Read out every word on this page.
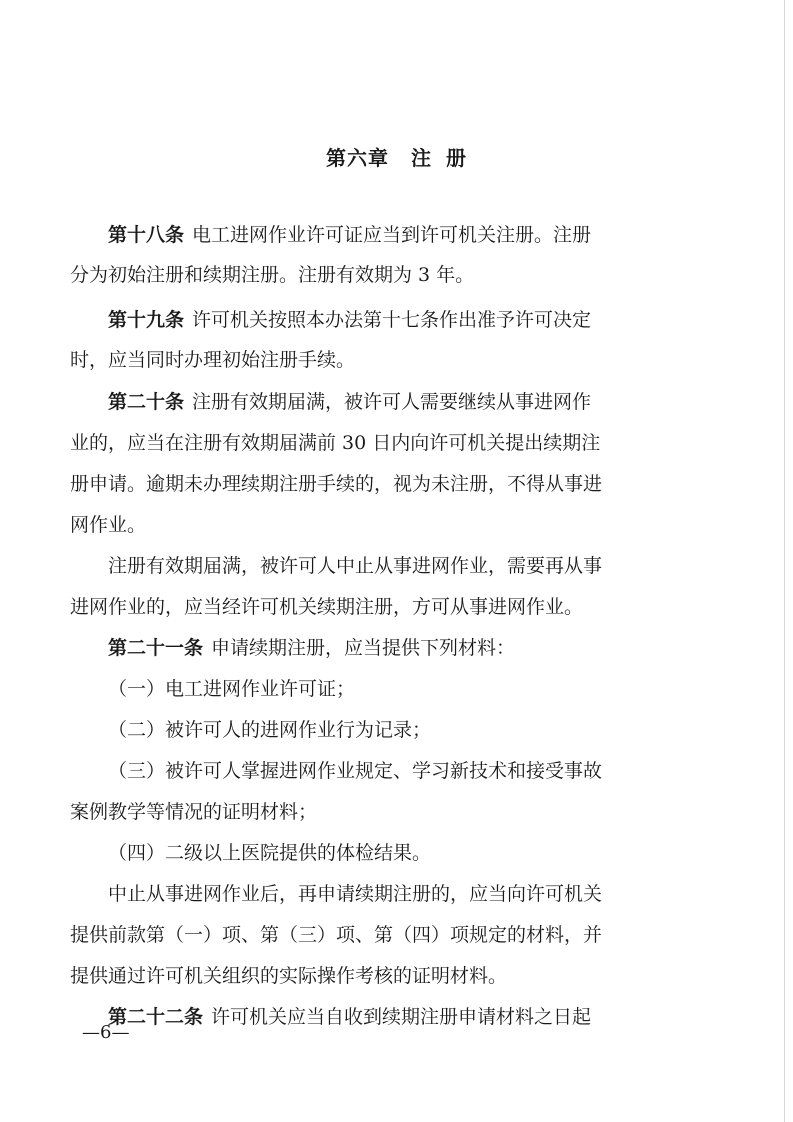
第六章 注 册
第十八条 电工进网作业许可证应当到许可机关注册。注册
分为初始注册和续期注册。注册有效期为 3 年。
第十九条 许可机关按照本办法第十七条作出准予许可决定
时，应当同时办理初始注册手续。
第二十条 注册有效期届满，被许可人需要继续从事进网作
业的，应当在注册有效期届满前 30 日内向许可机关提出续期注
册申请。逾期未办理续期注册手续的，视为未注册，不得从事进
网作业。
注册有效期届满，被许可人中止从事进网作业，需要再从事
进网作业的，应当经许可机关续期注册，方可从事进网作业。
第二十一条 申请续期注册，应当提供下列材料：
（一）电工进网作业许可证；
（二）被许可人的进网作业行为记录；
（三）被许可人掌握进网作业规定、学习新技术和接受事故
案例教学等情况的证明材料；
（四）二级以上医院提供的体检结果。
中止从事进网作业后，再申请续期注册的，应当向许可机关
提供前款第（一）项、第（三）项、第（四）项规定的材料，并
提供通过许可机关组织的实际操作考核的证明材料。
第二十二条 许可机关应当自收到续期注册申请材料之日起
—6—
